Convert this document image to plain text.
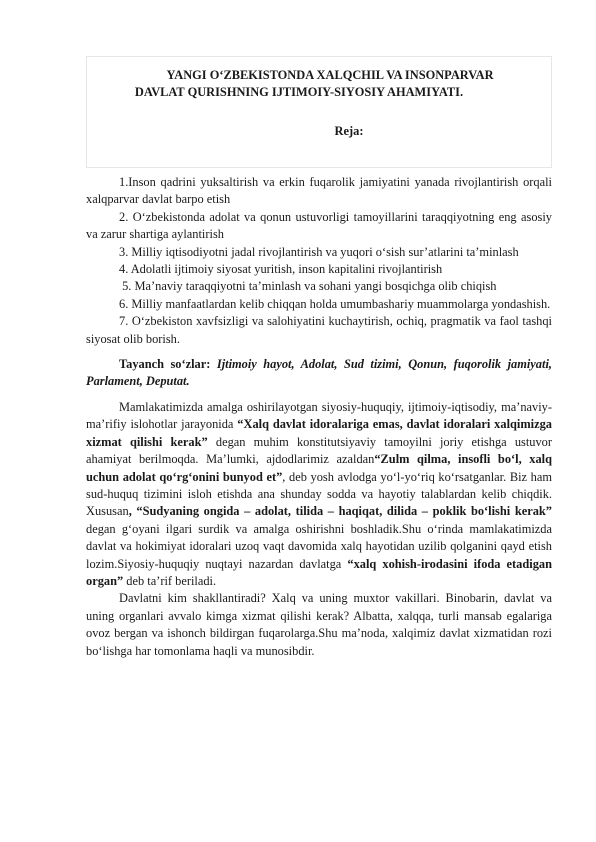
YANGI O‘ZBEKISTONDA XALQCHIL VA INSONPARVAR
DAVLAT QURISHNING IJTIMOIY-SIYOSIY AHAMIYATI.
Reja:

1.Inson qadrini yuksaltirish va erkin fuqarolik jamiyatini yanada rivojlantirish orqali xalqparvar davlat barpo etish

2. O‘zbekistonda adolat va qonun ustuvorligi tamoyillarini taraqqiyotning eng asosiy va zarur shartiga aylantirish

3. Milliy iqtisodiyotni jadal rivojlantirish va yuqori o‘sish sur’atlarini ta’minlash

4. Adolatli ijtimoiy siyosat yuritish, inson kapitalini rivojlantirish

5. Ma’naviy taraqqiyotni ta’minlash va sohani yangi bosqichga olib chiqish

6. Milliy manfaatlardan kelib chiqqan holda umumbashariy muammolarga yondashish.

7. O‘zbekiston xavfsizligi va salohiyatini kuchaytirish, ochiq, pragmatik va faol tashqi siyosat olib borish.

Tayanch so‘zlar: Ijtimoiy hayot, Adolat, Sud tizimi, Qonun, fuqorolik jamiyati, Parlament, Deputat.

Mamlakatimizda amalga oshirilayotgan siyosiy-huquqiy, ijtimoiy-iqtisodiy, ma’naviy-ma’rifiy islohotlar jarayonida “Xalq davlat idoralariga emas, davlat idoralari xalqimizga xizmat qilishi kerak” degan muhim konstitutsiyaviy tamoyilni joriy etishga ustuvor ahamiyat berilmoqda. Ma’lumki, ajdodlarimiz azaldan“Zulm qilma, insofli bo‘l, xalq uchun adolat qo‘rg‘onini bunyod et”, deb yosh avlodga yo‘l-yo‘riq ko‘rsatganlar. Biz ham sud-huquq tizimini isloh etishda ana shunday sodda va hayotiy talablardan kelib chiqdik. Xususan, “Sudyaning ongida – adolat, tilida – haqiqat, dilida – poklik bo‘lishi kerak” degan g‘oyani ilgari surdik va amalga oshirishni boshladik.Shu o‘rinda mamlakatimizda davlat va hokimiyat idoralari uzoq vaqt davomida xalq hayotidan uzilib qolganini qayd etish lozim.Siyosiy-huquqiy nuqtayi nazardan davlatga “xalq xohish-irodasini ifoda etadigan organ” deb ta’rif beriladi.

Davlatni kim shakllantiradi? Xalq va uning muxtor vakillari. Binobarin, davlat va uning organlari avvalo kimga xizmat qilishi kerak? Albatta, xalqqa, turli mansab egalariga ovoz bergan va ishonch bildirgan fuqarolarga.Shu ma’noda, xalqimiz davlat xizmatidan rozi bo‘lishga har tomonlama haqli va munosibdir.
